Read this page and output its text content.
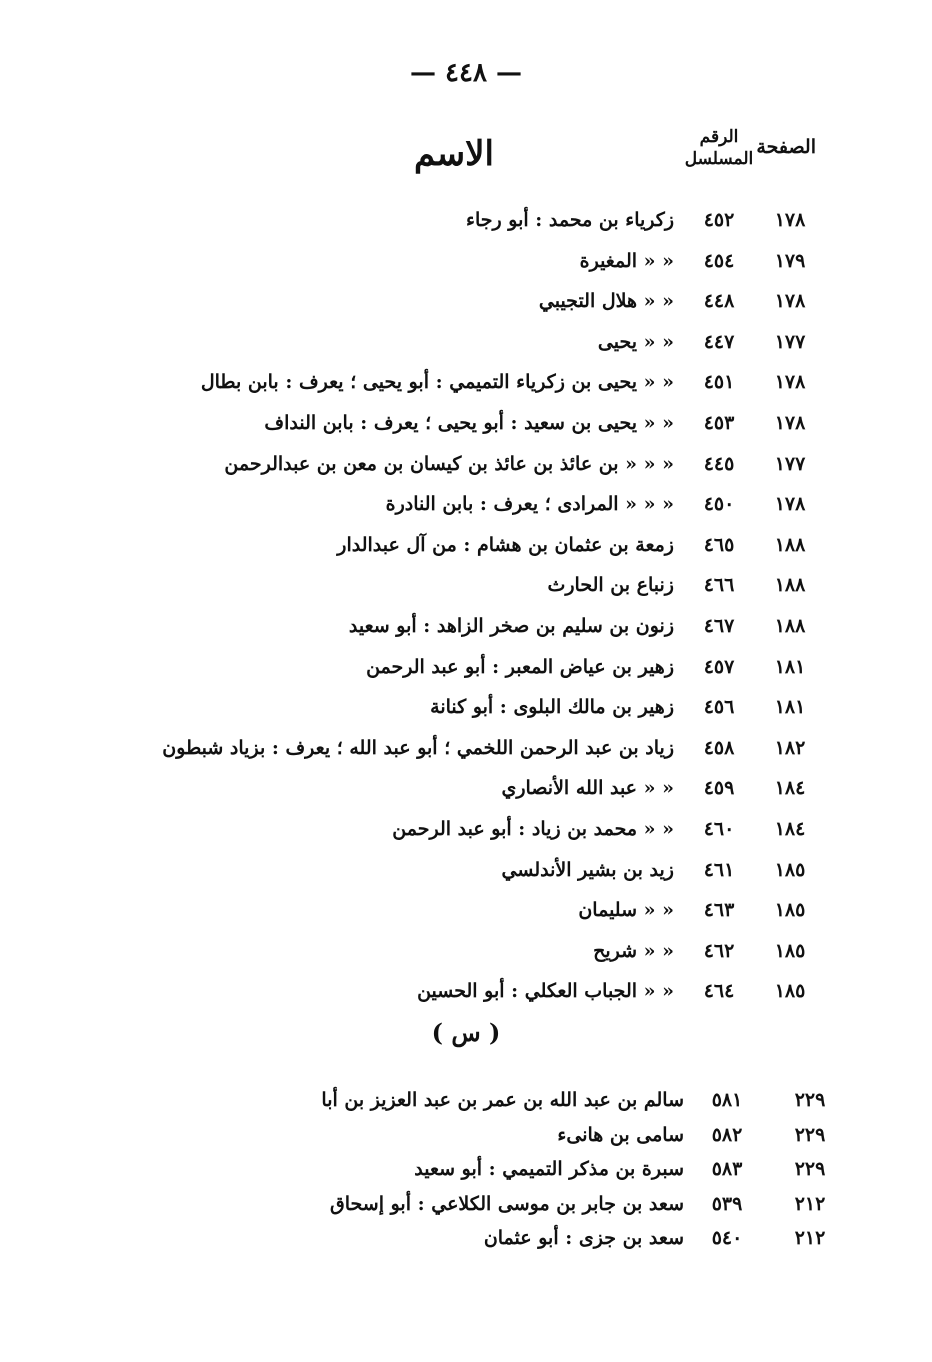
— ٤٤٨ —
الصفحة
الرقم
المسلسل
الاسم
١٧٨
٤٥٢
زكرياء بن محمد : أبو رجاء
١٧٩
٤٥٤
« « المغيرة
١٧٨
٤٤٨
« « هلال التجيبي
١٧٧
٤٤٧
« « يحيى
١٧٨
٤٥١
« « يحيى بن زكرياء التميمي : أبو يحيى ؛ يعرف : بابن بطال
١٧٨
٤٥٣
« « يحيى بن سعيد : أبو يحيى ؛ يعرف : بابن النداف
١٧٧
٤٤٥
« « « بن عائذ بن عائذ بن كيسان بن معن بن عبدالرحمن
١٧٨
٤٥٠
« « « المرادى ؛ يعرف : بابن النادرة
١٨٨
٤٦٥
زمعة بن عثمان بن هشام : من آل عبدالدار
١٨٨
٤٦٦
زنباع بن الحارث
١٨٨
٤٦٧
زنون بن سليم بن صخر الزاهد : أبو سعيد
١٨١
٤٥٧
زهير بن عياض المعبر : أبو عبد الرحمن
١٨١
٤٥٦
زهير بن مالك البلوى : أبو كنانة
١٨٢
٤٥٨
زياد بن عبد الرحمن اللخمي ؛ أبو عبد الله ؛ يعرف : بزياد شبطون
١٨٤
٤٥٩
« « عبد الله الأنصاري
١٨٤
٤٦٠
« « محمد بن زياد : أبو عبد الرحمن
١٨٥
٤٦١
زيد بن بشير الأندلسي
١٨٥
٤٦٣
« « سليمان
١٨٥
٤٦٢
« « شريح
١٨٥
٤٦٤
« « الجباب العكلي : أبو الحسين
( س )
٢٢٩
٥٨١
سالم بن عبد الله بن عمر بن عبد العزيز بن أبا
٢٢٩
٥٨٢
سامى بن هانىء
٢٢٩
٥٨٣
سبرة بن مذكر التميمي : أبو سعيد
٢١٢
٥٣٩
سعد بن جابر بن موسى الكلاعي : أبو إسحاق
٢١٢
٥٤٠
سعد بن جزى : أبو عثمان
